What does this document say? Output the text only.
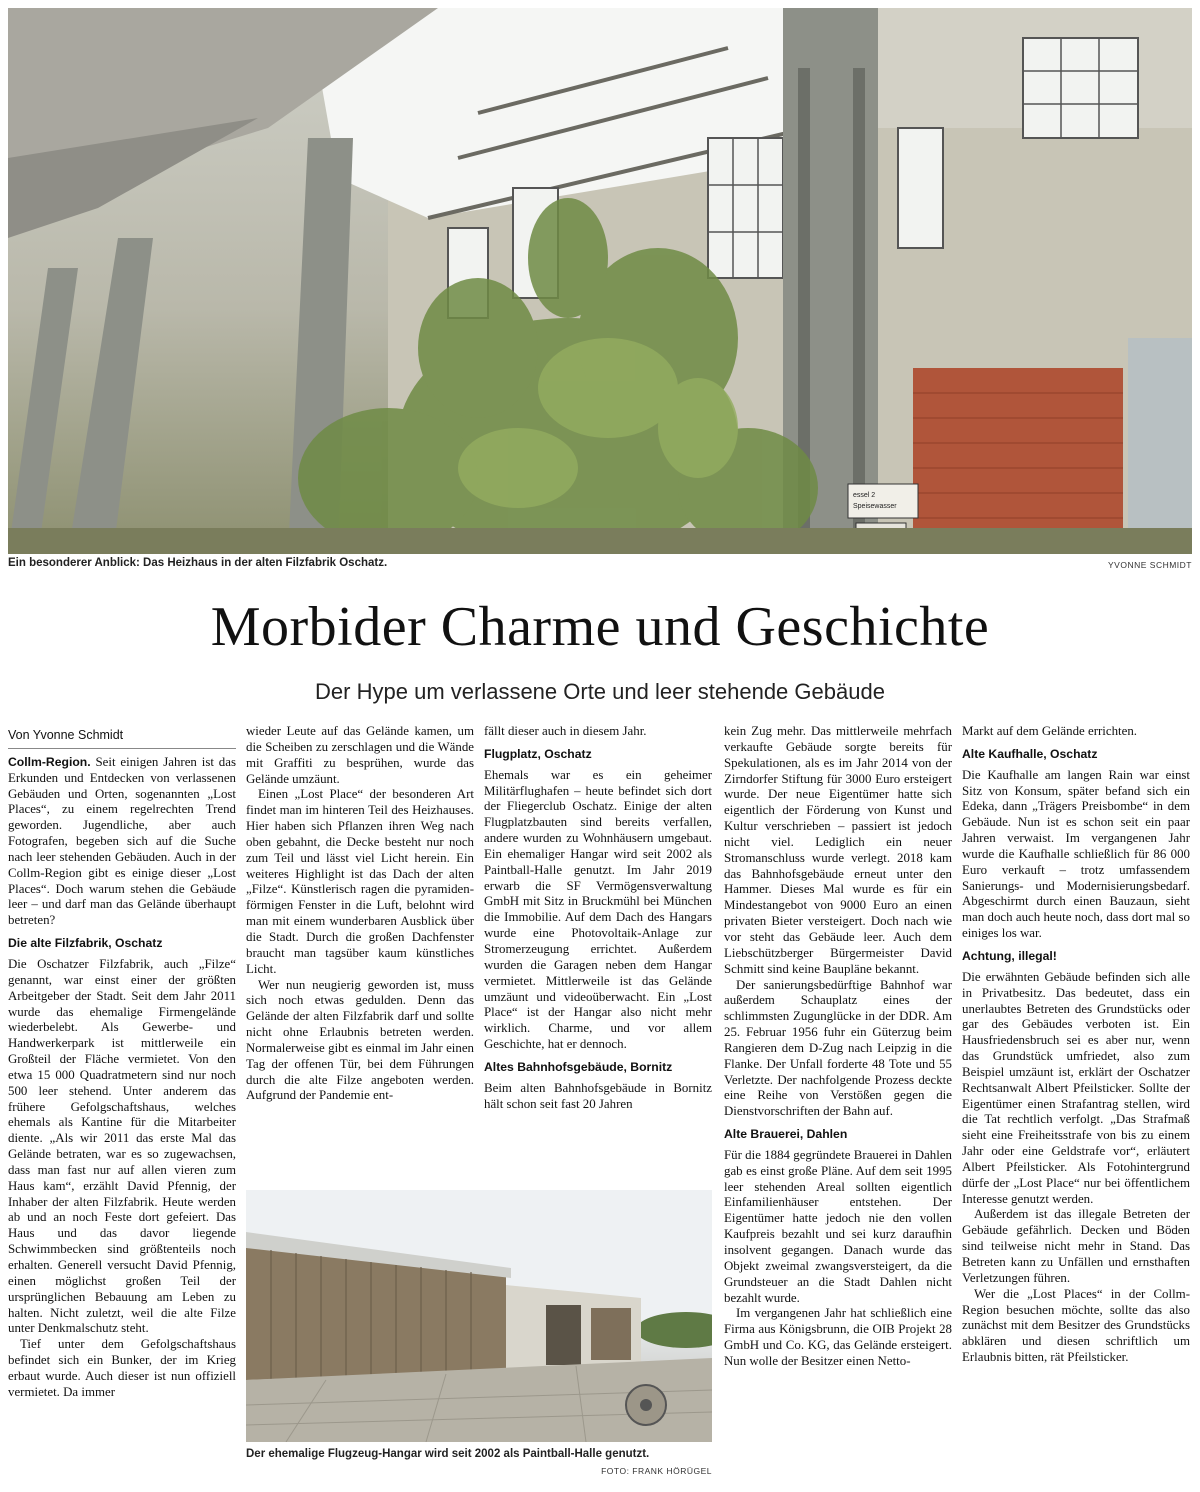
essel 2
Speisewasser
Ein besonderer Anblick: Das Heizhaus in der alten Filzfabrik Oschatz.	YVONNE SCHMIDT
Morbider Charme und Geschichte
Der Hype um verlassene Orte und leer stehende Gebäude
Von Yvonne Schmidt

Collm-Region. Seit einigen Jahren ist das Erkunden und Entdecken von verlassenen Gebäuden und Orten, sogenannten „Lost Places“, zu einem regelrechten Trend geworden. Jugendliche, aber auch Fotografen, begeben sich auf die Suche nach leer stehenden Gebäuden. Auch in der Collm-Region gibt es einige dieser „Lost Places“. Doch warum stehen die Gebäude leer – und darf man das Gelände überhaupt betreten?

Die alte Filzfabrik, Oschatz

Die Oschatzer Filzfabrik, auch „Filze“ genannt, war einst einer der größten Arbeitgeber der Stadt. Seit dem Jahr 2011 wurde das ehemalige Firmengelände wiederbelebt. Als Gewerbe- und Handwerkerpark ist mittlerweile ein Großteil der Fläche vermietet. Von den etwa 15 000 Quadratmetern sind nur noch 500 leer stehend. Unter anderem das frühere Gefolgschaftshaus, welches ehemals als Kantine für die Mitarbeiter diente. „Als wir 2011 das erste Mal das Gelände betraten, war es so zugewachsen, dass man fast nur auf allen vieren zum Haus kam“, erzählt David Pfennig, der Inhaber der alten Filzfabrik. Heute werden ab und an noch Feste dort gefeiert. Das Haus und das davor liegende Schwimmbecken sind größtenteils noch erhalten. Generell versucht David Pfennig, einen möglichst großen Teil der ursprünglichen Bebauung am Leben zu halten. Nicht zuletzt, weil die alte Filze unter Denkmalschutz steht.

Tief unter dem Gefolgschaftshaus befindet sich ein Bunker, der im Krieg erbaut wurde. Auch dieser ist nun offiziell vermietet. Da immer

wieder Leute auf das Gelände kamen, um die Scheiben zu zerschlagen und die Wände mit Graffiti zu besprühen, wurde das Gelände umzäunt.

Einen „Lost Place“ der besonderen Art findet man im hinteren Teil des Heizhauses. Hier haben sich Pflanzen ihren Weg nach oben gebahnt, die Decke besteht nur noch zum Teil und lässt viel Licht herein. Ein weiteres Highlight ist das Dach der alten „Filze“. Künstlerisch ragen die pyramiden-förmigen Fenster in die Luft, belohnt wird man mit einem wunderbaren Ausblick über die Stadt. Durch die großen Dachfenster braucht man tagsüber kaum künstliches Licht.

Wer nun neugierig geworden ist, muss sich noch etwas gedulden. Denn das Gelände der alten Filzfabrik darf und sollte nicht ohne Erlaubnis betreten werden. Normalerweise gibt es einmal im Jahr einen Tag der offenen Tür, bei dem Führungen durch die alte Filze angeboten werden. Aufgrund der Pandemie ent-

fällt dieser auch in diesem Jahr.

Flugplatz, Oschatz

Ehemals war es ein geheimer Militärflughafen – heute befindet sich dort der Fliegerclub Oschatz. Einige der alten Flugplatzbauten sind bereits verfallen, andere wurden zu Wohnhäusern umgebaut. Ein ehemaliger Hangar wird seit 2002 als Paintball-Halle genutzt. Im Jahr 2019 erwarb die SF Vermögensverwaltung GmbH mit Sitz in Bruckmühl bei München die Immobilie. Auf dem Dach des Hangars wurde eine Photovoltaik-Anlage zur Stromerzeugung errichtet. Außerdem wurden die Garagen neben dem Hangar vermietet. Mittlerweile ist das Gelände umzäunt und videoüberwacht. Ein „Lost Place“ ist der Hangar also nicht mehr wirklich. Charme, und vor allem Geschichte, hat er dennoch.

Altes Bahnhofsgebäude, Bornitz

Beim alten Bahnhofsgebäude in Bornitz hält schon seit fast 20 Jahren

kein Zug mehr. Das mittlerweile mehrfach verkaufte Gebäude sorgte bereits für Spekulationen, als es im Jahr 2014 von der Zirndorfer Stiftung für 3000 Euro ersteigert wurde. Der neue Eigentümer hatte sich eigentlich der Förderung von Kunst und Kultur verschrieben – passiert ist jedoch nicht viel. Lediglich ein neuer Stromanschluss wurde verlegt. 2018 kam das Bahnhofsgebäude erneut unter den Hammer. Dieses Mal wurde es für ein Mindestangebot von 9000 Euro an einen privaten Bieter versteigert. Doch nach wie vor steht das Gebäude leer. Auch dem Liebschützberger Bürgermeister David Schmitt sind keine Baupläne bekannt.

Der sanierungsbedürftige Bahnhof war außerdem Schauplatz eines der schlimmsten Zugunglücke in der DDR. Am 25. Februar 1956 fuhr ein Güterzug beim Rangieren dem D-Zug nach Leipzig in die Flanke. Der Unfall forderte 48 Tote und 55 Verletzte. Der nachfolgende Prozess deckte eine Reihe von Verstößen gegen die Dienstvorschriften der Bahn auf.

Alte Brauerei, Dahlen

Für die 1884 gegründete Brauerei in Dahlen gab es einst große Pläne. Auf dem seit 1995 leer stehenden Areal sollten eigentlich Einfamilienhäuser entstehen. Der Eigentümer hatte jedoch nie den vollen Kaufpreis bezahlt und sei kurz daraufhin insolvent gegangen. Danach wurde das Objekt zweimal zwangsversteigert, da die Grundsteuer an die Stadt Dahlen nicht bezahlt wurde.

Im vergangenen Jahr hat schließlich eine Firma aus Königsbrunn, die OIB Projekt 28 GmbH und Co. KG, das Gelände ersteigert. Nun wolle der Besitzer einen Netto-

Markt auf dem Gelände errichten.

Alte Kaufhalle, Oschatz

Die Kaufhalle am langen Rain war einst Sitz von Konsum, später befand sich ein Edeka, dann „Trägers Preisbombe“ in dem Gebäude. Nun ist es schon seit ein paar Jahren verwaist. Im vergangenen Jahr wurde die Kaufhalle schließlich für 86 000 Euro verkauft – trotz umfassendem Sanierungs- und Modernisierungsbedarf. Abgeschirmt durch einen Bauzaun, sieht man doch auch heute noch, dass dort mal so einiges los war.

Achtung, illegal!

Die erwähnten Gebäude befinden sich alle in Privatbesitz. Das bedeutet, dass ein unerlaubtes Betreten des Grundstücks oder gar des Gebäudes verboten ist. Ein Hausfriedensbruch sei es aber nur, wenn das Grundstück umfriedet, also zum Beispiel umzäunt ist, erklärt der Oschatzer Rechtsanwalt Albert Pfeilsticker. Sollte der Eigentümer einen Strafantrag stellen, wird die Tat rechtlich verfolgt. „Das Strafmaß sieht eine Freiheitsstrafe von bis zu einem Jahr oder eine Geldstrafe vor“, erläutert Albert Pfeilsticker. Als Fotohintergrund dürfe der „Lost Place“ nur bei öffentlichem Interesse genutzt werden.

Außerdem ist das illegale Betreten der Gebäude gefährlich. Decken und Böden sind teilweise nicht mehr in Stand. Das Betreten kann zu Unfällen und ernsthaften Verletzungen führen.

Wer die „Lost Places“ in der Collm-Region besuchen möchte, sollte das also zunächst mit dem Besitzer des Grundstücks abklären und diesen schriftlich um Erlaubnis bitten, rät Pfeilsticker.

Der ehemalige Flugzeug-Hangar wird seit 2002 als Paintball-Halle genutzt.
FOTO: FRANK HÖRÜGEL
